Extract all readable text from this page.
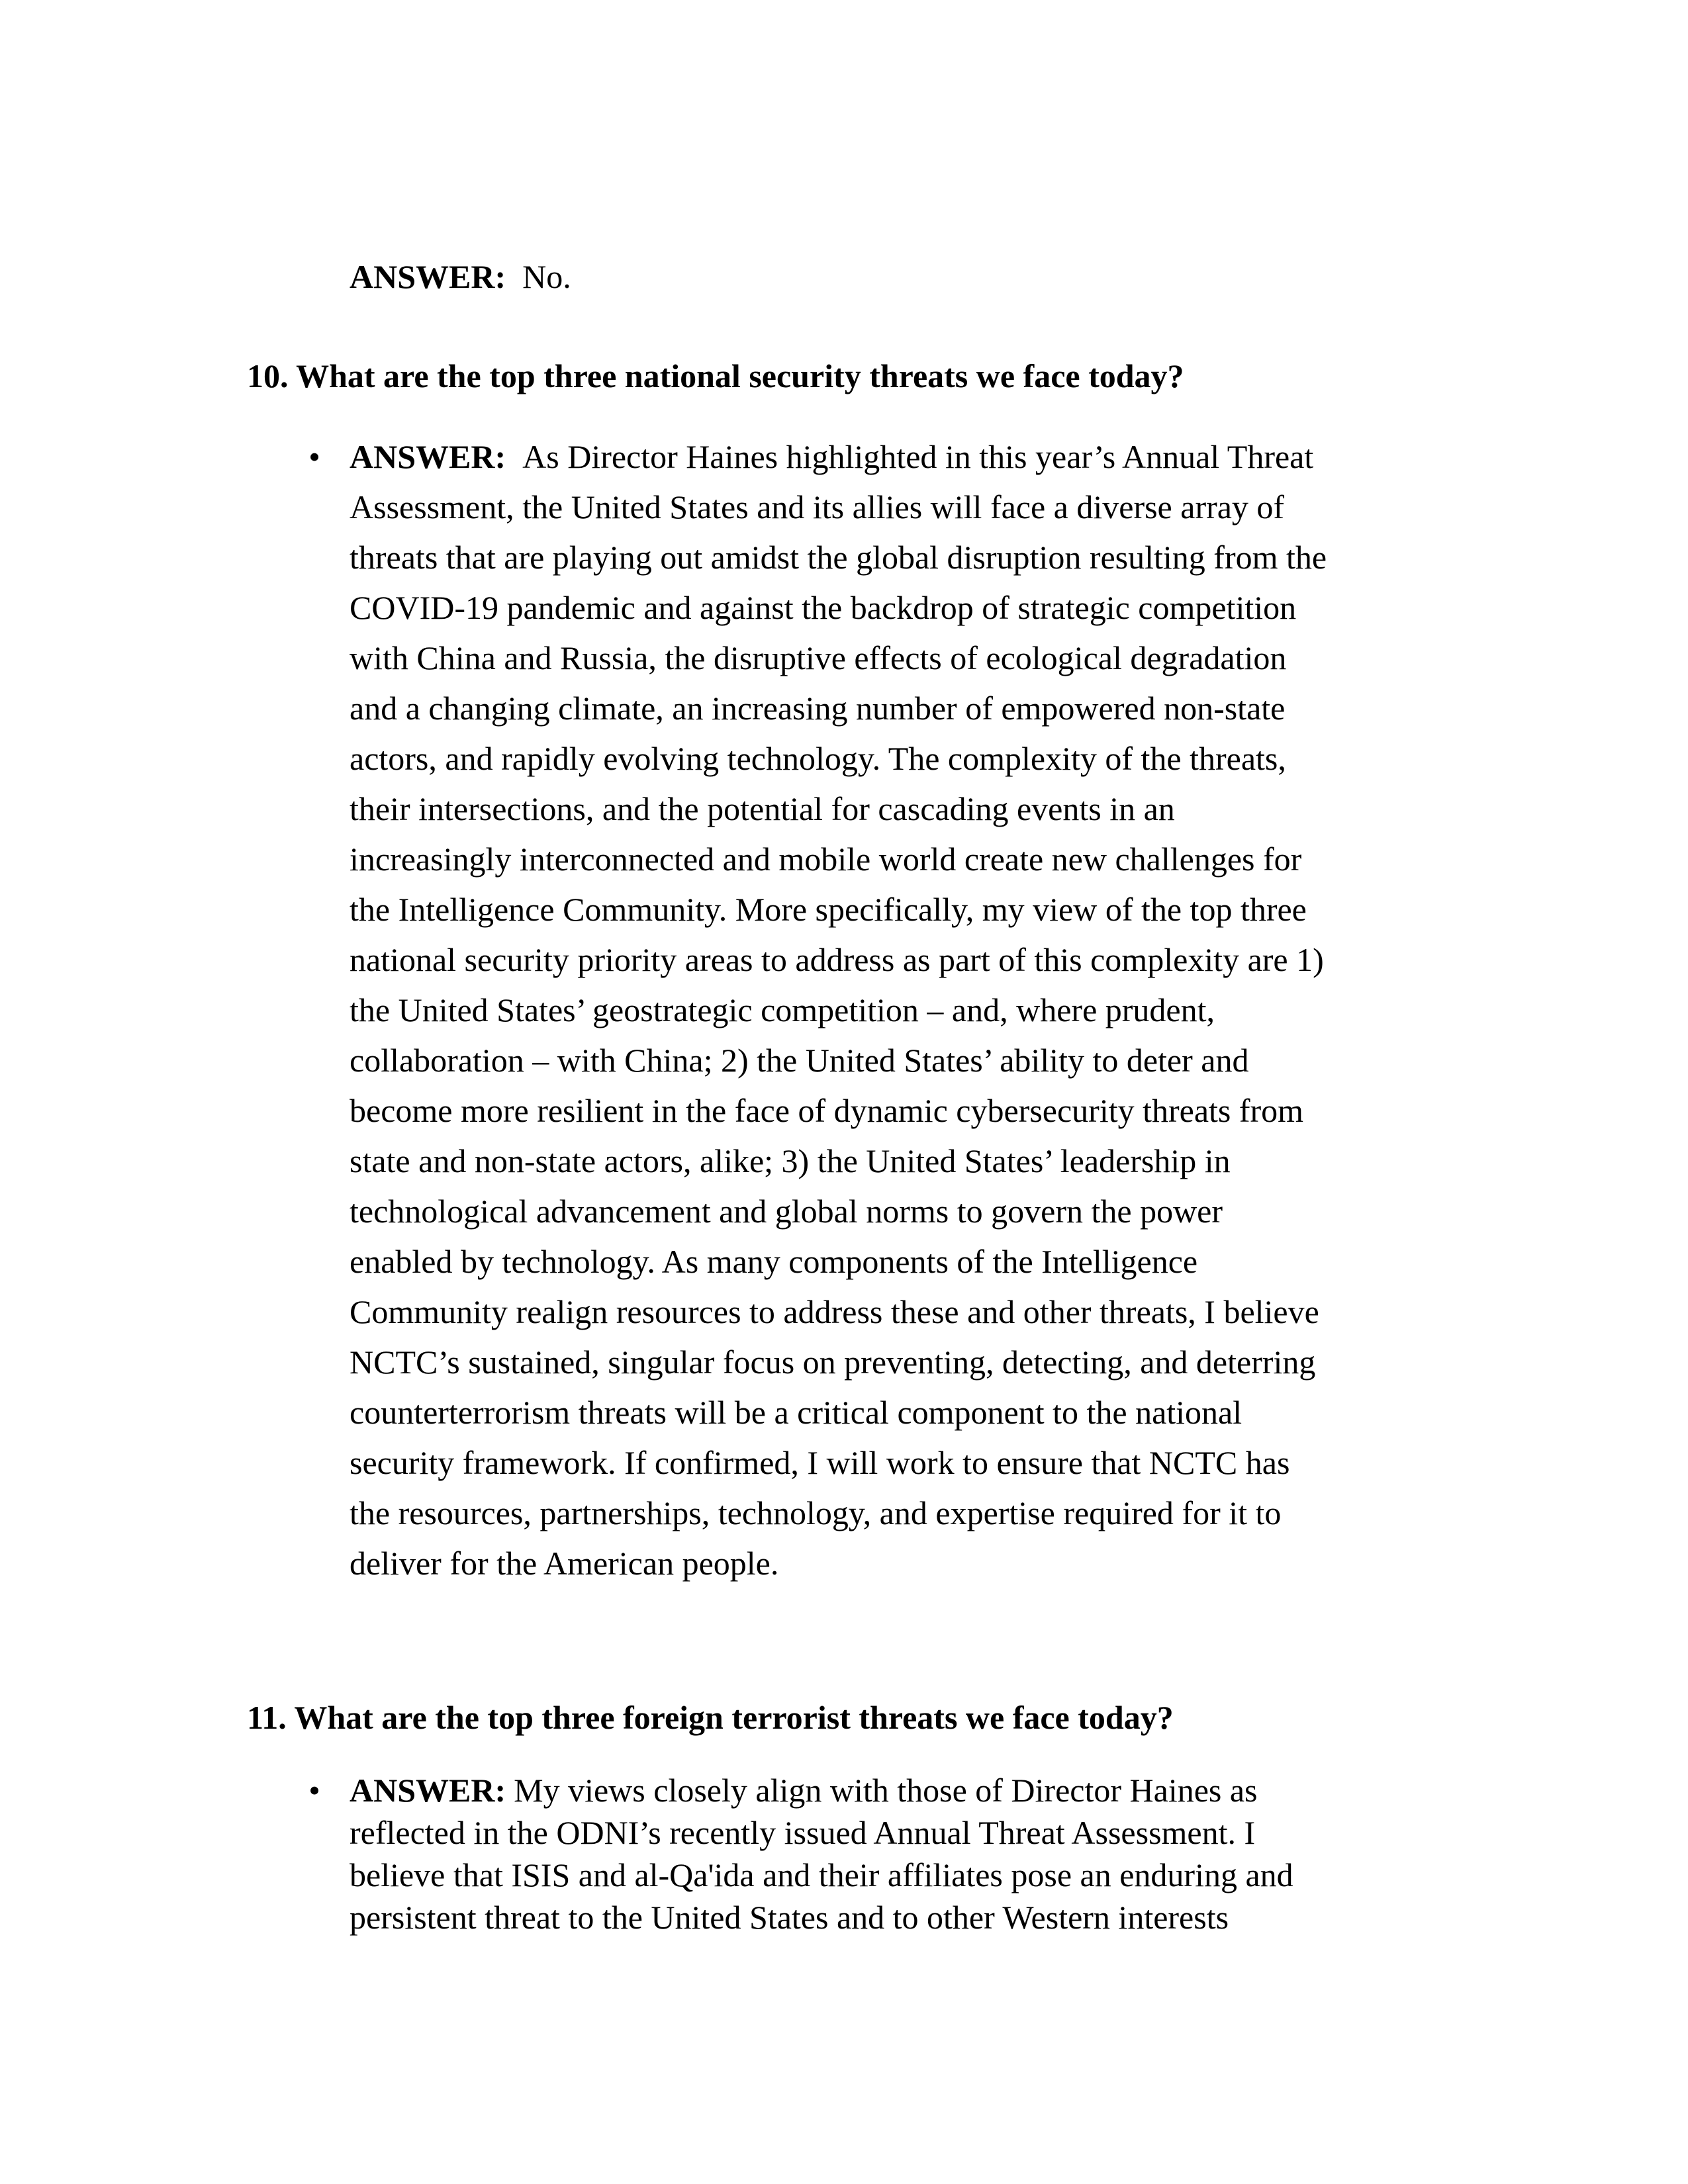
ANSWER: No.
10. What are the top three national security threats we face today?
• ANSWER: As Director Haines highlighted in this year’s Annual Threat
Assessment, the United States and its allies will face a diverse array of
threats that are playing out amidst the global disruption resulting from the
COVID-19 pandemic and against the backdrop of strategic competition
with China and Russia, the disruptive effects of ecological degradation
and a changing climate, an increasing number of empowered non-state
actors, and rapidly evolving technology. The complexity of the threats,
their intersections, and the potential for cascading events in an
increasingly interconnected and mobile world create new challenges for
the Intelligence Community. More specifically, my view of the top three
national security priority areas to address as part of this complexity are 1)
the United States’ geostrategic competition – and, where prudent,
collaboration – with China; 2) the United States’ ability to deter and
become more resilient in the face of dynamic cybersecurity threats from
state and non-state actors, alike; 3) the United States’ leadership in
technological advancement and global norms to govern the power
enabled by technology. As many components of the Intelligence
Community realign resources to address these and other threats, I believe
NCTC’s sustained, singular focus on preventing, detecting, and deterring
counterterrorism threats will be a critical component to the national
security framework. If confirmed, I will work to ensure that NCTC has
the resources, partnerships, technology, and expertise required for it to
deliver for the American people.
11. What are the top three foreign terrorist threats we face today?
• ANSWER: My views closely align with those of Director Haines as
reflected in the ODNI’s recently issued Annual Threat Assessment. I
believe that ISIS and al-Qa'ida and their affiliates pose an enduring and
persistent threat to the United States and to other Western interests
